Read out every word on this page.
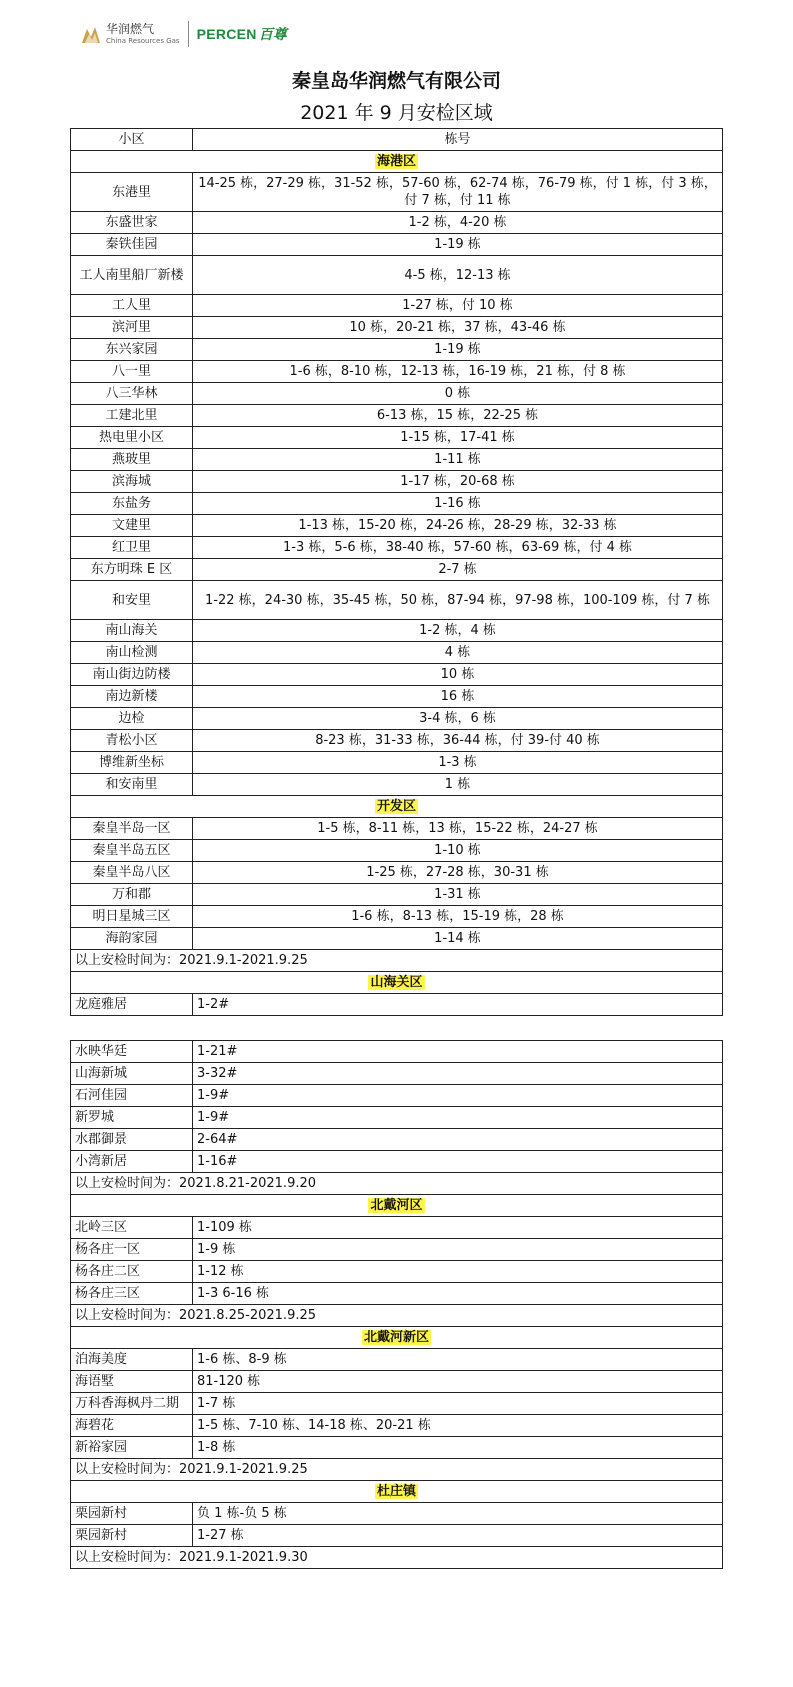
华润燃气
China Resources Gas PERCEN 百尊
秦皇岛华润燃气有限公司
2021 年 9 月安检区域
小区	栋号
海港区	
东港里	14-25 栋，27-29 栋，31-52 栋，57-60 栋，62-74 栋，76-79 栋，付 1 栋，付 3 栋，付 7 栋，付 11 栋
东盛世家	1-2 栋，4-20 栋
秦铁佳园	1-19 栋
工人南里船厂新楼	4-5 栋，12-13 栋
工人里	1-27 栋，付 10 栋
滨河里	10 栋，20-21 栋，37 栋，43-46 栋
东兴家园	1-19 栋
八一里	1-6 栋，8-10 栋，12-13 栋，16-19 栋，21 栋，付 8 栋
八三华林	0 栋
工建北里	6-13 栋，15 栋，22-25 栋
热电里小区	1-15 栋，17-41 栋
燕玻里	1-11 栋
滨海城	1-17 栋，20-68 栋
东盐务	1-16 栋
文建里	1-13 栋，15-20 栋，24-26 栋，28-29 栋，32-33 栋
红卫里	1-3 栋，5-6 栋，38-40 栋，57-60 栋，63-69 栋，付 4 栋
东方明珠 E 区	2-7 栋
和安里	1-22 栋，24-30 栋，35-45 栋，50 栋，87-94 栋，97-98 栋，100-109 栋，付 7 栋
南山海关	1-2 栋，4 栋
南山检测	4 栋
南山街边防楼	10 栋
南边新楼	16 栋
边检	3-4 栋，6 栋
青松小区	8-23 栋，31-33 栋，36-44 栋，付 39-付 40 栋
博维新坐标	1-3 栋
和安南里	1 栋
开发区	
秦皇半岛一区	1-5 栋，8-11 栋，13 栋，15-22 栋，24-27 栋
秦皇半岛五区	1-10 栋
秦皇半岛八区	1-25 栋，27-28 栋，30-31 栋
万和郡	1-31 栋
明日星城三区	1-6 栋，8-13 栋，15-19 栋，28 栋
海韵家园	1-14 栋
以上安检时间为：2021.9.1-2021.9.25	
山海关区	
龙庭雅居	1-2#
水映华廷	1-21#
山海新城	3-32#
石河佳园	1-9#
新罗城	1-9#
水郡御景	2-64#
小湾新居	1-16#
以上安检时间为：2021.8.21-2021.9.20	
北戴河区	
北岭三区	1-109 栋
杨各庄一区	1-9 栋
杨各庄二区	1-12 栋
杨各庄三区	1-3 6-16 栋
以上安检时间为：2021.8.25-2021.9.25	
北戴河新区	
泊海美度	1-6 栋、8-9 栋
海语墅	81-120 栋
万科香海枫丹二期	1-7 栋
海碧花	1-5 栋、7-10 栋、14-18 栋、20-21 栋
新裕家园	1-8 栋
以上安检时间为：2021.9.1-2021.9.25	
杜庄镇	
栗园新村	负 1 栋-负 5 栋
栗园新村	1-27 栋
以上安检时间为：2021.9.1-2021.9.30	
